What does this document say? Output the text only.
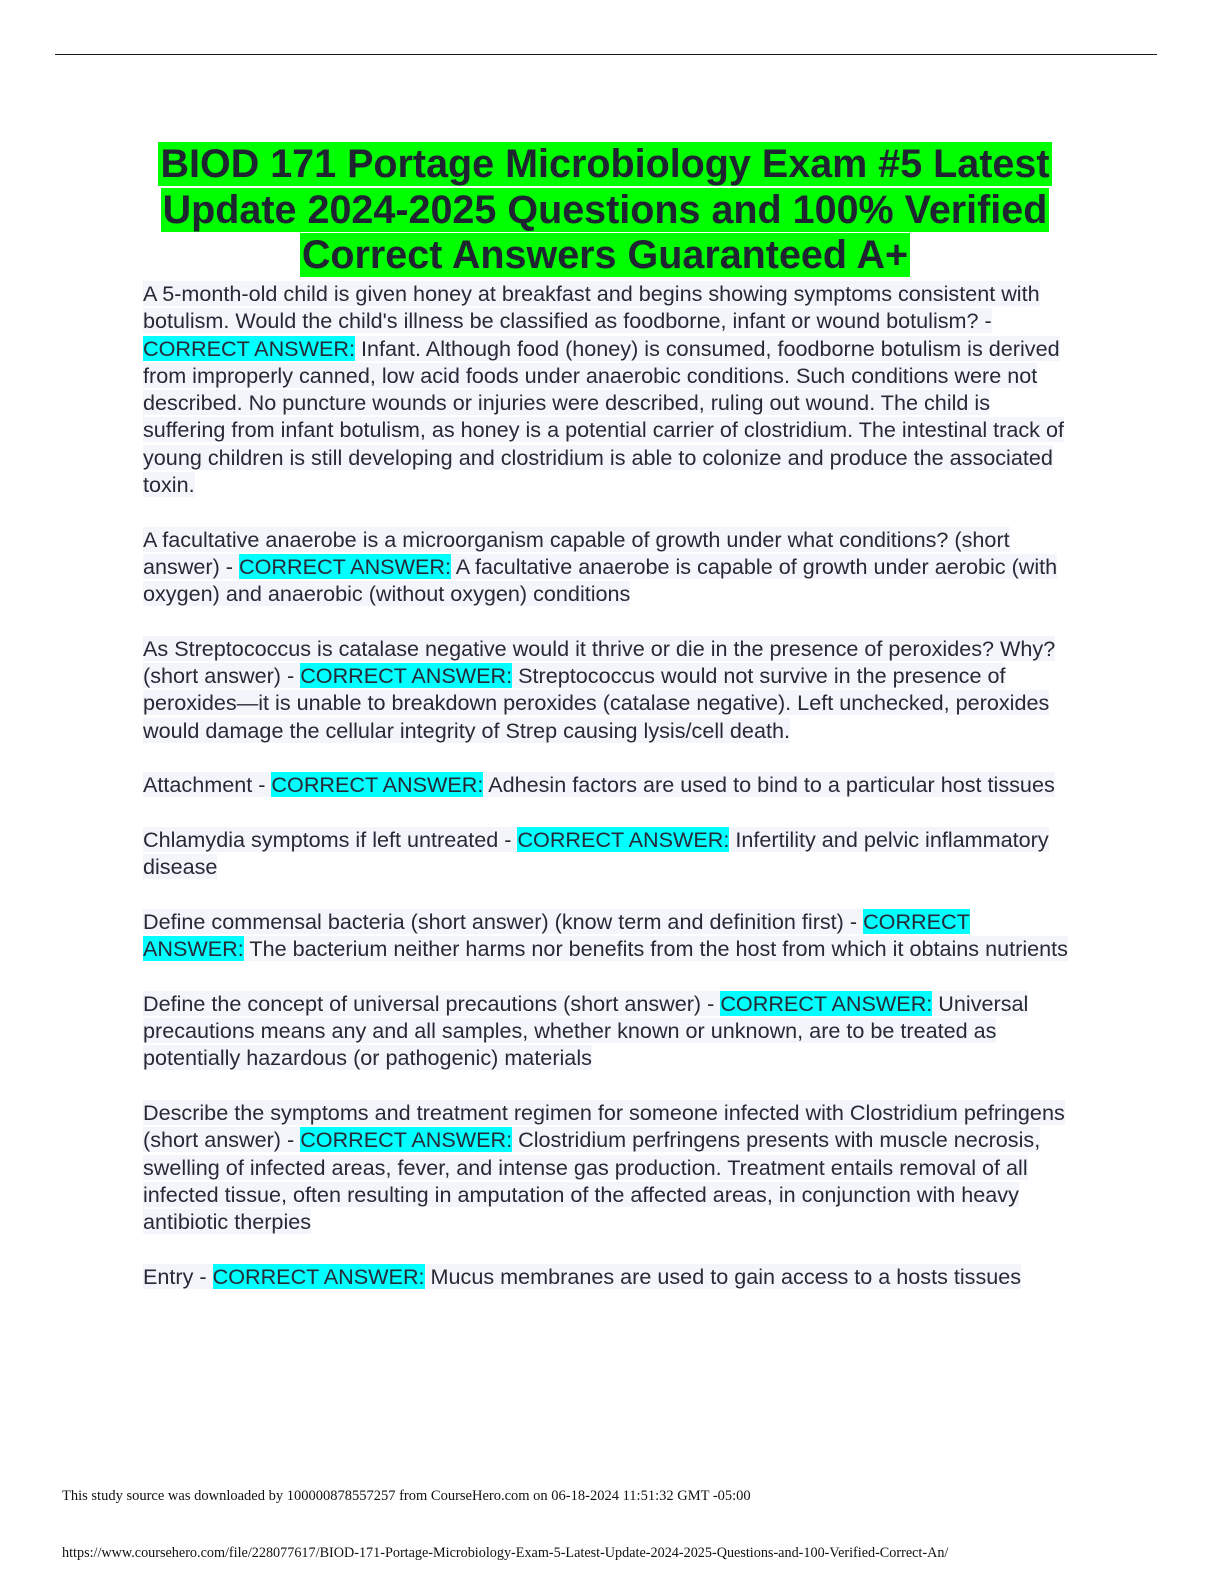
BIOD 171 Portage Microbiology Exam #5 Latest Update 2024-2025 Questions and 100% Verified Correct Answers Guaranteed A+

A 5-month-old child is given honey at breakfast and begins showing symptoms consistent with botulism. Would the child's illness be classified as foodborne, infant or wound botulism? - CORRECT ANSWER: Infant. Although food (honey) is consumed, foodborne botulism is derived from improperly canned, low acid foods under anaerobic conditions. Such conditions were not described. No puncture wounds or injuries were described, ruling out wound. The child is suffering from infant botulism, as honey is a potential carrier of clostridium. The intestinal track of young children is still developing and clostridium is able to colonize and produce the associated toxin.

A facultative anaerobe is a microorganism capable of growth under what conditions? (short answer) - CORRECT ANSWER: A facultative anaerobe is capable of growth under aerobic (with oxygen) and anaerobic (without oxygen) conditions

As Streptococcus is catalase negative would it thrive or die in the presence of peroxides? Why? (short answer) - CORRECT ANSWER: Streptococcus would not survive in the presence of peroxides—it is unable to breakdown peroxides (catalase negative). Left unchecked, peroxides would damage the cellular integrity of Strep causing lysis/cell death.

Attachment - CORRECT ANSWER: Adhesin factors are used to bind to a particular host tissues

Chlamydia symptoms if left untreated - CORRECT ANSWER: Infertility and pelvic inflammatory disease

Define commensal bacteria (short answer) (know term and definition first) - CORRECT ANSWER: The bacterium neither harms nor benefits from the host from which it obtains nutrients

Define the concept of universal precautions (short answer) - CORRECT ANSWER: Universal precautions means any and all samples, whether known or unknown, are to be treated as potentially hazardous (or pathogenic) materials

Describe the symptoms and treatment regimen for someone infected with Clostridium pefringens (short answer) - CORRECT ANSWER: Clostridium perfringens presents with muscle necrosis, swelling of infected areas, fever, and intense gas production. Treatment entails removal of all infected tissue, often resulting in amputation of the affected areas, in conjunction with heavy antibiotic therpies

Entry - CORRECT ANSWER: Mucus membranes are used to gain access to a hosts tissues

This study source was downloaded by 100000878557257 from CourseHero.com on 06-18-2024 11:51:32 GMT -05:00
https://www.coursehero.com/file/228077617/BIOD-171-Portage-Microbiology-Exam-5-Latest-Update-2024-2025-Questions-and-100-Verified-Correct-An/
